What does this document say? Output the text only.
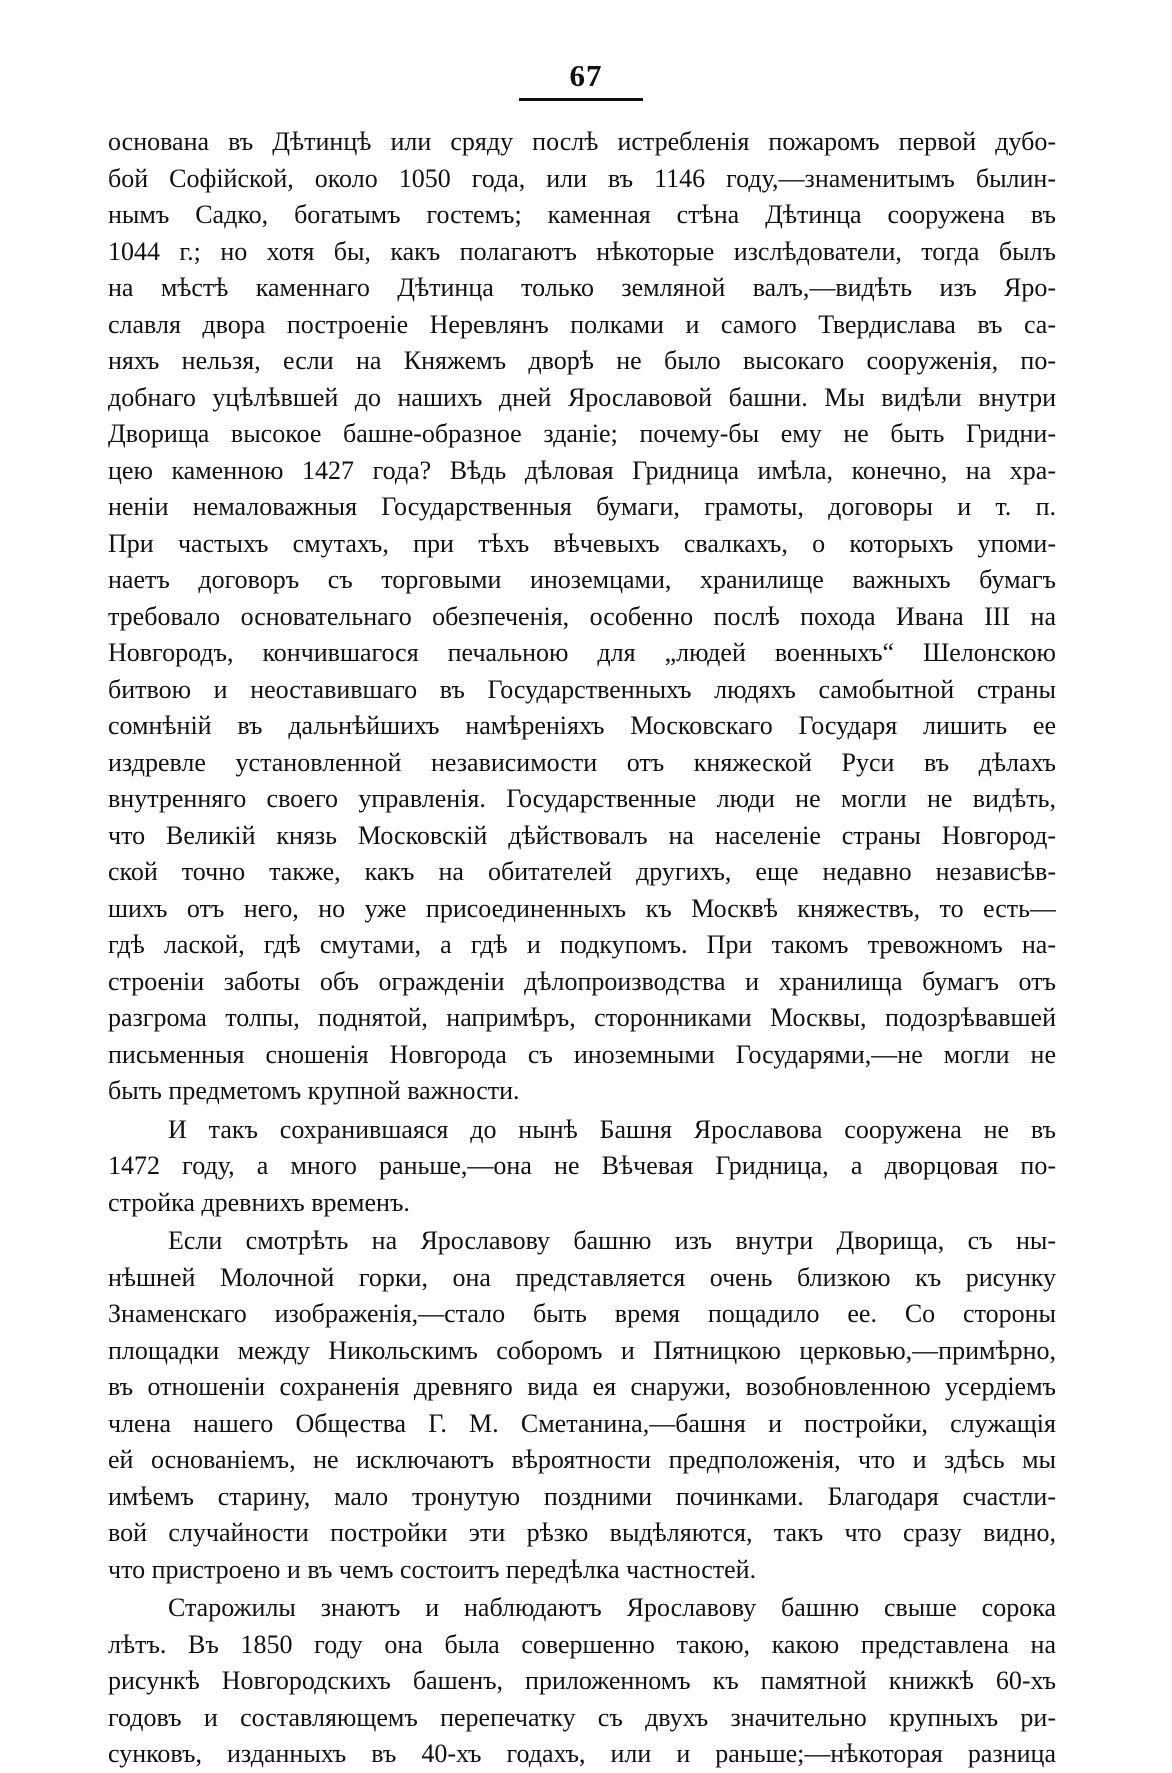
67
основана въ Дѣтинцѣ или сряду послѣ истребленія пожаромъ первой дубо-
бой Софійской, около 1050 года, или въ 1146 году,—знаменитымъ былин-
нымъ Садко, богатымъ гостемъ; каменная стѣна Дѣтинца сооружена въ
1044 г.; но хотя бы, какъ полагаютъ нѣкоторые изслѣдователи, тогда былъ
на мѣстѣ каменнаго Дѣтинца только земляной валъ,—видѣть изъ Яро-
славля двора построеніе Неревлянъ полками и самого Твердислава въ са-
няхъ нельзя, если на Княжемъ дворѣ не было высокаго сооруженія, по-
добнаго уцѣлѣвшей до нашихъ дней Ярославовой башни. Мы видѣли внутри
Дворища высокое башне-образное зданіе; почему-бы ему не быть Гридни-
цею каменною 1427 года? Вѣдь дѣловая Гридница имѣла, конечно, на хра-
неніи немаловажныя Государственныя бумаги, грамоты, договоры и т. п.
При частыхъ смутахъ, при тѣхъ вѣчевыхъ свалкахъ, о которыхъ упоми-
наетъ договоръ съ торговыми иноземцами, хранилище важныхъ бумагъ
требовало основательнаго обезпеченія, особенно послѣ похода Ивана III на
Новгородъ, кончившагося печальною для „людей военныхъ“ Шелонскою
битвою и неоставившаго въ Государственныхъ людяхъ самобытной страны
сомнѣній въ дальнѣйшихъ намѣреніяхъ Московскаго Государя лишить ее
издревле установленной независимости отъ княжеской Руси въ дѣлахъ
внутренняго своего управленія. Государственные люди не могли не видѣть,
что Великій князь Московскій дѣйствовалъ на населеніе страны Новгород-
ской точно также, какъ на обитателей другихъ, еще недавно независѣв-
шихъ отъ него, но уже присоединенныхъ къ Москвѣ княжествъ, то есть—
гдѣ лаской, гдѣ смутами, а гдѣ и подкупомъ. При такомъ тревожномъ на-
строеніи заботы объ огражденіи дѣлопроизводства и хранилища бумагъ отъ
разгрома толпы, поднятой, напримѣръ, сторонниками Москвы, подозрѣвавшей
письменныя сношенія Новгорода съ иноземными Государями,—не могли не
быть предметомъ крупной важности.
И такъ сохранившаяся до нынѣ Башня Ярославова сооружена не въ
1472 году, а много раньше,—она не Вѣчевая Гридница, а дворцовая по-
стройка древнихъ временъ.
Если смотрѣть на Ярославову башню изъ внутри Дворища, съ ны-
нѣшней Молочной горки, она представляется очень близкою къ рисунку
Знаменскаго изображенія,—стало быть время пощадило ее. Со стороны
площадки между Никольскимъ соборомъ и Пятницкою церковью,—примѣрно,
въ отношеніи сохраненія древняго вида ея снаружи, возобновленною усердіемъ
члена нашего Общества Г. М. Сметанина,—башня и постройки, служащія
ей основаніемъ, не исключаютъ вѣроятности предположенія, что и здѣсь мы
имѣемъ старину, мало тронутую поздними починками. Благодаря счастли-
вой случайности постройки эти рѣзко выдѣляются, такъ что сразу видно,
что пристроено и въ чемъ состоитъ передѣлка частностей.
Старожилы знаютъ и наблюдаютъ Ярославову башню свыше сорока
лѣтъ. Въ 1850 году она была совершенно такою, какою представлена на
рисункѣ Новгородскихъ башенъ, приложенномъ къ памятной книжкѣ 60-хъ
годовъ и составляющемъ перепечатку съ двухъ значительно крупныхъ ри-
сунковъ, изданныхъ въ 40-хъ годахъ, или и раньше;—нѣкоторая разница
